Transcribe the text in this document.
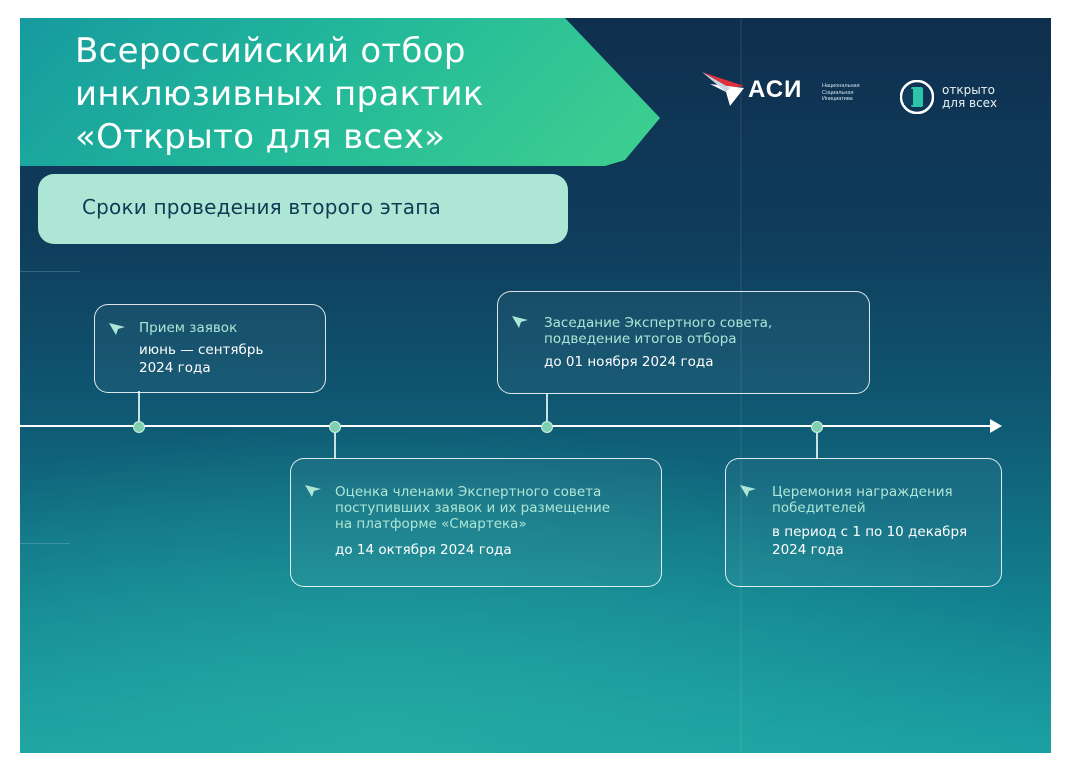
Всероссийский отбор
инклюзивных практик
«Открыто для всех»
Сроки проведения второго этапа
АСИ	Национальная
Социальная
Инициатива
открыто
для всех

Прием заявок

июнь — сентябрь
2024 года

Оценка членами Экспертного совета
поступивших заявок и их размещение
на платформе «Смартека»

до 14 октября 2024 года

Заседание Экспертного совета,
подведение итогов отбора

до 01 ноября 2024 года

Церемония награждения
победителей

в период с 1 по 10 декабря
2024 года
